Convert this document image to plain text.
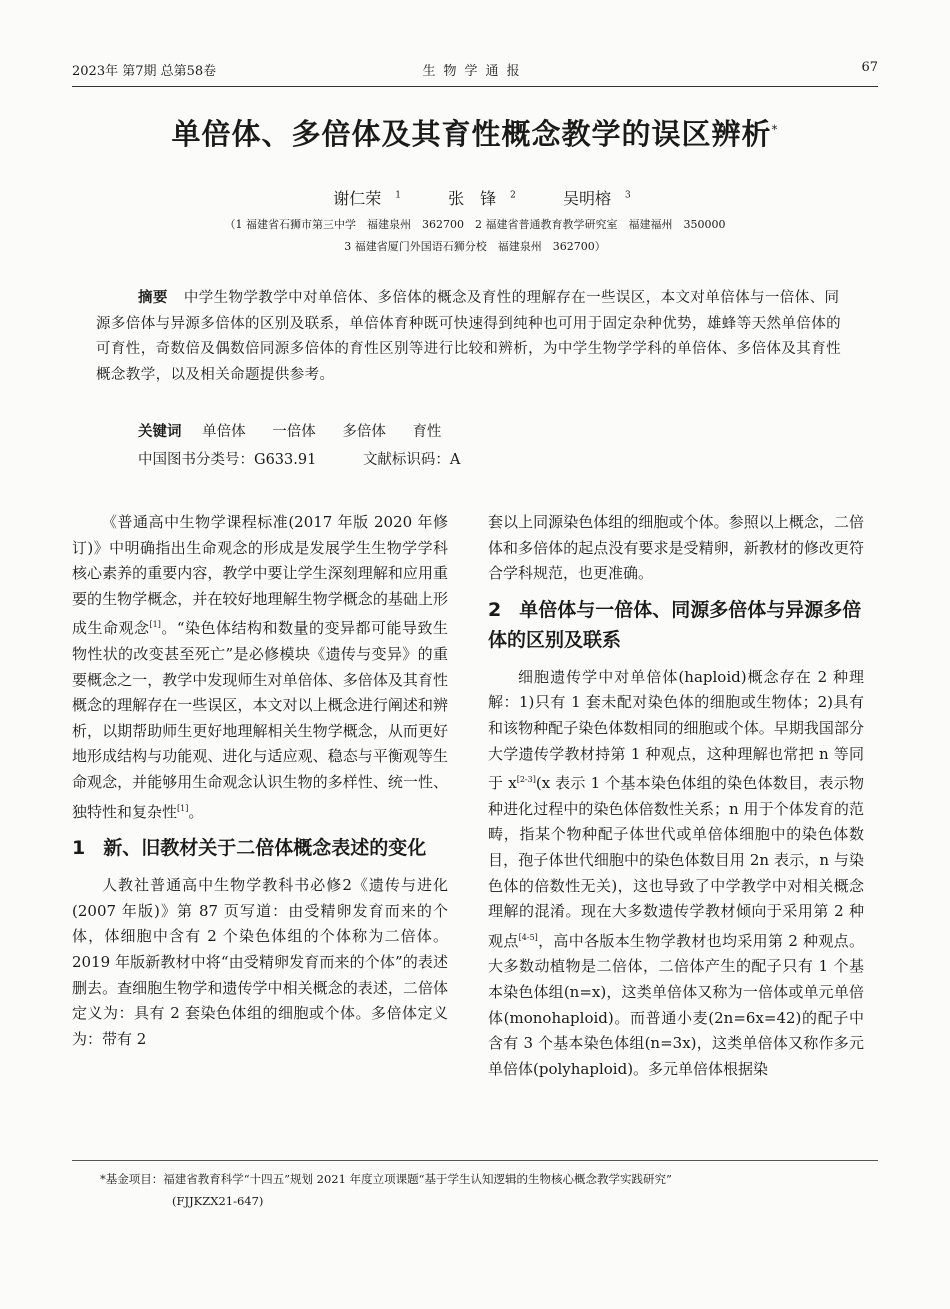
2023年 第7期 总第58卷	生物学通报	67
单倍体、多倍体及其育性概念教学的误区辨析*
谢仁荣 $^1$	张　锋 $^2$	吴明榕 $^3$
（1 福建省石狮市第三中学　福建泉州　362700　2 福建省普通教育教学研究室　福建福州　350000
3 福建省厦门外国语石狮分校　福建泉州　362700）
摘要 中学生物学教学中对单倍体、多倍体的概念及育性的理解存在一些误区，本文对单倍体与一倍体、同源多倍体与异源多倍体的区别及联系，单倍体育种既可快速得到纯种也可用于固定杂种优势，雄蜂等天然单倍体的可育性，奇数倍及偶数倍同源多倍体的育性区别等进行比较和辨析，为中学生物学学科的单倍体、多倍体及其育性概念教学，以及相关命题提供参考。
关键词 单倍体 一倍体 多倍体 育性
中国图书分类号：G633.91	文献标识码：A

《普通高中生物学课程标准(2017 年版 2020 年修订)》中明确指出生命观念的形成是发展学生生物学学科核心素养的重要内容，教学中要让学生深刻理解和应用重要的生物学概念，并在较好地理解生物学概念的基础上形成生命观念[1]。“染色体结构和数量的变异都可能导致生物性状的改变甚至死亡”是必修模块《遗传与变异》的重要概念之一，教学中发现师生对单倍体、多倍体及其育性概念的理解存在一些误区，本文对以上概念进行阐述和辨析，以期帮助师生更好地理解相关生物学概念，从而更好地形成结构与功能观、进化与适应观、稳态与平衡观等生命观念，并能够用生命观念认识生物的多样性、统一性、独特性和复杂性[1]。

1 新、旧教材关于二倍体概念表述的变化

人教社普通高中生物学教科书必修2《遗传与进化(2007 年版)》第 87 页写道：由受精卵发育而来的个体，体细胞中含有 2 个染色体组的个体称为二倍体。2019 年版新教材中将“由受精卵发育而来的个体”的表述删去。查细胞生物学和遗传学中相关概念的表述，二倍体定义为：具有 2 套染色体组的细胞或个体。多倍体定义为：带有 2

套以上同源染色体组的细胞或个体。参照以上概念，二倍体和多倍体的起点没有要求是受精卵，新教材的修改更符合学科规范，也更准确。

2 单倍体与一倍体、同源多倍体与异源多倍体的区别及联系

细胞遗传学中对单倍体(haploid)概念存在 2 种理解：1)只有 1 套未配对染色体的细胞或生物体；2)具有和该物种配子染色体数相同的细胞或个体。早期我国部分大学遗传学教材持第 1 种观点，这种理解也常把 n 等同于 x[2-3](x 表示 1 个基本染色体组的染色体数目，表示物种进化过程中的染色体倍数性关系；n 用于个体发育的范畴，指某个物种配子体世代或单倍体细胞中的染色体数目，孢子体世代细胞中的染色体数目用 2n 表示，n 与染色体的倍数性无关)，这也导致了中学教学中对相关概念理解的混淆。现在大多数遗传学教材倾向于采用第 2 种观点[4-5]，高中各版本生物学教材也均采用第 2 种观点。大多数动植物是二倍体，二倍体产生的配子只有 1 个基本染色体组(n=x)，这类单倍体又称为一倍体或单元单倍体(monohaploid)。而普通小麦(2n=6x=42)的配子中含有 3 个基本染色体组(n=3x)，这类单倍体又称作多元单倍体(polyhaploid)。多元单倍体根据染

*基金项目：福建省教育科学“十四五”规划 2021 年度立项课题“基于学生认知逻辑的生物核心概念教学实践研究”
(FJJKZX21-647)
